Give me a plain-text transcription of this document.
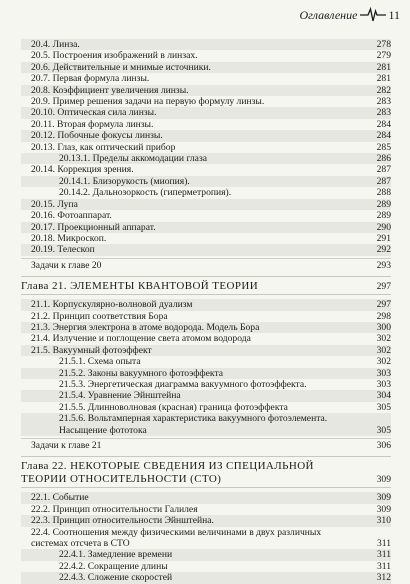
Оглавление	11
20.4. Линза.	278
20.5. Построения изображений в линзах.	279
20.6. Действительные и мнимые источники.	281
20.7. Первая формула линзы.	281
20.8. Коэффициент увеличения линзы.	282
20.9. Пример решения задачи на первую формулу линзы.	283
20.10. Оптическая сила линзы.	283
20.11. Вторая формула линзы.	284
20.12. Побочные фокусы линзы.	284
20.13. Глаз, как оптический прибор	285
20.13.1. Пределы аккомодации глаза	286
20.14. Коррекция зрения.	287
20.14.1. Близорукость (миопия).	287
20.14.2. Дальнозоркость (гиперметропия).	288
20.15. Лупа	289
20.16. Фотоаппарат.	289
20.17. Проекционный аппарат.	290
20.18. Микроскоп.	291
20.19. Телескоп	292
Задачи к главе 20	293
Глава 21. ЭЛЕМЕНТЫ КВАНТОВОЙ ТЕОРИИ	297
21.1. Корпускулярно-волновой дуализм	297
21.2. Принцип соответствия Бора	298
21.3. Энергия электрона в атоме водорода. Модель Бора	300
21.4. Излучение и поглощение света атомом водорода	302
21.5. Вакуумный фотоэффект	302
21.5.1. Схема опыта	302
21.5.2. Законы вакуумного фотоэффекта	303
21.5.3. Энергетическая диаграмма вакуумного фотоэффекта.	303
21.5.4. Уравнение Эйнштейна	304
21.5.5. Длинноволновая (красная) граница фотоэффекта	305
21.5.6. Вольтамперная характеристика вакуумного фотоэлемента. Насыщение фототока	305
Задачи к главе 21	306
Глава 22. НЕКОТОРЫЕ СВЕДЕНИЯ ИЗ СПЕЦИАЛЬНОЙ ТЕОРИИ ОТНОСИТЕЛЬНОСТИ (СТО)	309
22.1. Событие	309
22.2. Принцип относительности Галилея	309
22.3. Принцип относительности Эйнштейна.	310
22.4. Соотношения между физическими величинами в двух различных системах отсчета в СТО	311
22.4.1. Замедление времени	311
22.4.2. Сокращение длины	311
22.4.3. Сложение скоростей	312
